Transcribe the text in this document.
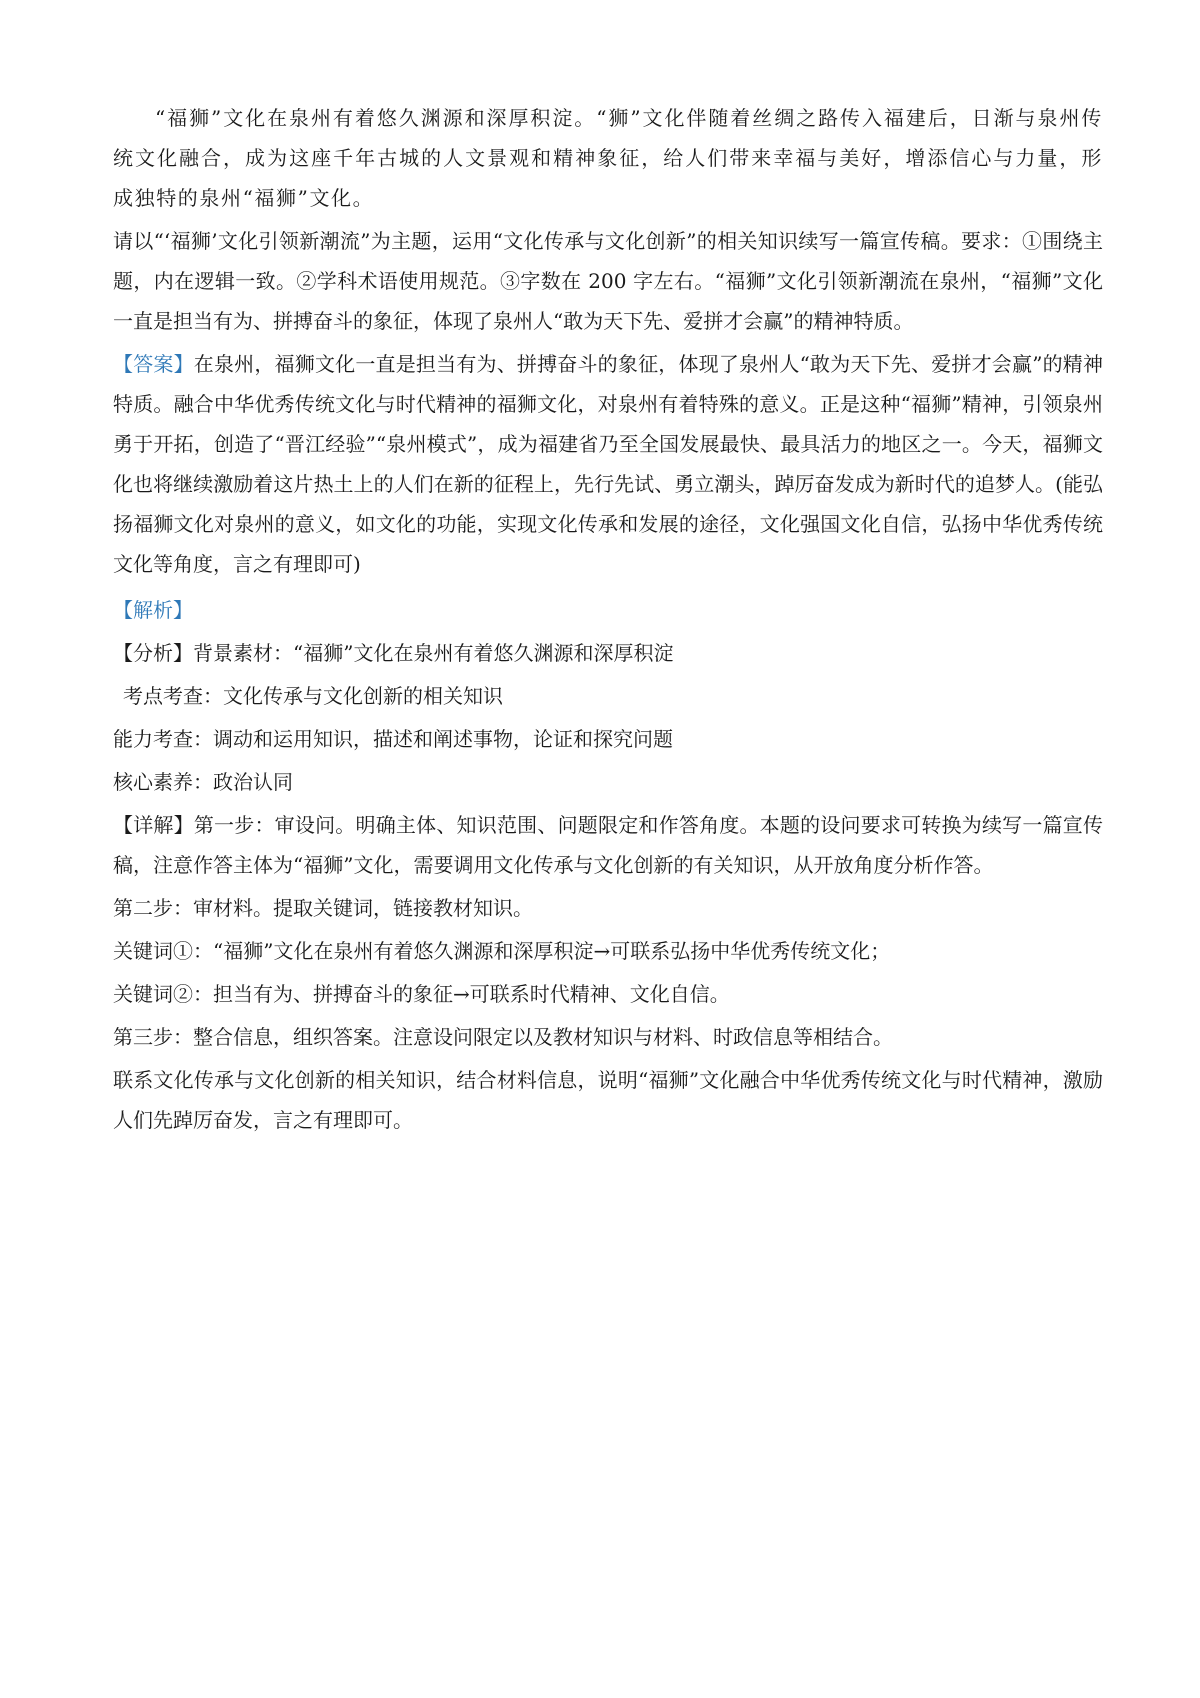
“福狮”文化在泉州有着悠久渊源和深厚积淀。“狮”文化伴随着丝绸之路传入福建后，日渐与泉州传统文化融合，成为这座千年古城的人文景观和精神象征，给人们带来幸福与美好，增添信心与力量，形成独特的泉州“福狮”文化。

请以“‘福狮’文化引领新潮流”为主题，运用“文化传承与文化创新”的相关知识续写一篇宣传稿。要求：①围绕主题，内在逻辑一致。②学科术语使用规范。③字数在 200 字左右。“福狮”文化引领新潮流在泉州，“福狮”文化一直是担当有为、拼搏奋斗的象征，体现了泉州人“敢为天下先、爱拼才会赢”的精神特质。

【答案】在泉州，福狮文化一直是担当有为、拼搏奋斗的象征，体现了泉州人“敢为天下先、爱拼才会赢”的精神特质。融合中华优秀传统文化与时代精神的福狮文化，对泉州有着特殊的意义。正是这种“福狮”精神，引领泉州勇于开拓，创造了“晋江经验”“泉州模式”，成为福建省乃至全国发展最快、最具活力的地区之一。今天，福狮文化也将继续激励着这片热土上的人们在新的征程上，先行先试、勇立潮头，踔厉奋发成为新时代的追梦人。(能弘扬福狮文化对泉州的意义，如文化的功能，实现文化传承和发展的途径，文化强国文化自信，弘扬中华优秀传统文化等角度，言之有理即可)

【解析】

【分析】背景素材：“福狮”文化在泉州有着悠久渊源和深厚积淀

考点考查：文化传承与文化创新的相关知识

能力考查：调动和运用知识，描述和阐述事物，论证和探究问题

核心素养：政治认同

【详解】第一步：审设问。明确主体、知识范围、问题限定和作答角度。本题的设问要求可转换为续写一篇宣传稿，注意作答主体为“福狮”文化，需要调用文化传承与文化创新的有关知识，从开放角度分析作答。

第二步：审材料。提取关键词，链接教材知识。

关键词①：“福狮”文化在泉州有着悠久渊源和深厚积淀→可联系弘扬中华优秀传统文化；

关键词②：担当有为、拼搏奋斗的象征→可联系时代精神、文化自信。

第三步：整合信息，组织答案。注意设问限定以及教材知识与材料、时政信息等相结合。

联系文化传承与文化创新的相关知识，结合材料信息，说明“福狮”文化融合中华优秀传统文化与时代精神，激励人们先踔厉奋发，言之有理即可。
